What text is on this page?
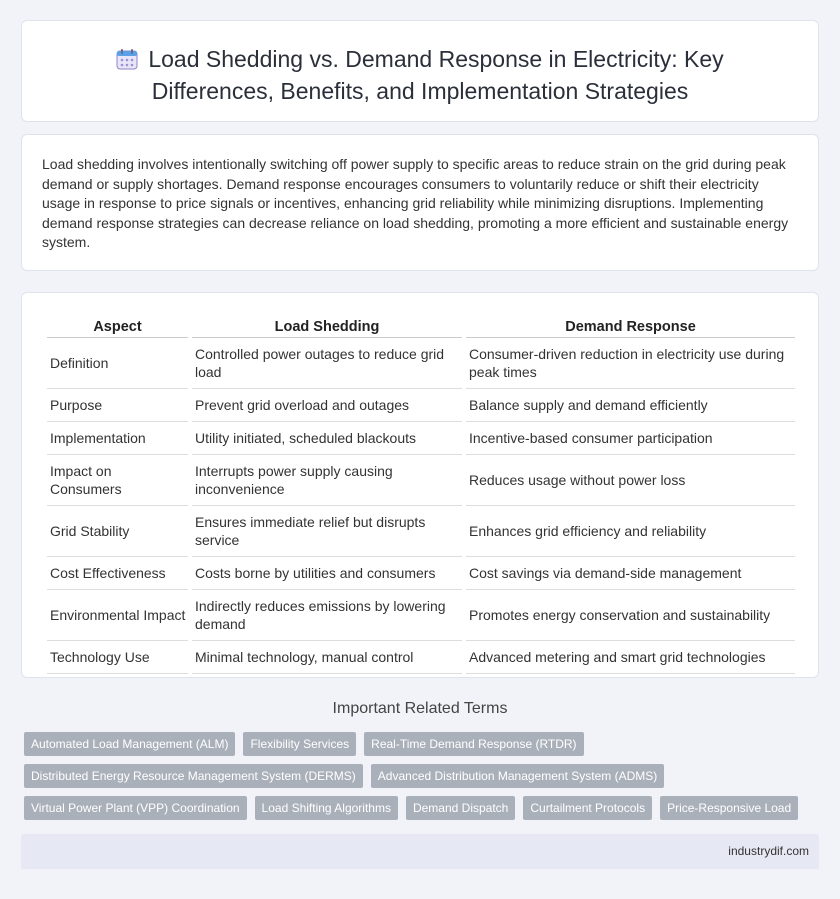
Load Shedding vs. Demand Response in Electricity: Key Differences, Benefits, and Implementation Strategies

Load shedding involves intentionally switching off power supply to specific areas to reduce strain on the grid during peak demand or supply shortages. Demand response encourages consumers to voluntarily reduce or shift their electricity usage in response to price signals or incentives, enhancing grid reliability while minimizing disruptions. Implementing demand response strategies can decrease reliance on load shedding, promoting a more efficient and sustainable energy system.

Aspect	Load Shedding	Demand Response
Definition	Controlled power outages to reduce grid load	Consumer-driven reduction in electricity use during peak times
Purpose	Prevent grid overload and outages	Balance supply and demand efficiently
Implementation	Utility initiated, scheduled blackouts	Incentive-based consumer participation
Impact on Consumers	Interrupts power supply causing inconvenience	Reduces usage without power loss
Grid Stability	Ensures immediate relief but disrupts service	Enhances grid efficiency and reliability
Cost Effectiveness	Costs borne by utilities and consumers	Cost savings via demand-side management
Environmental Impact	Indirectly reduces emissions by lowering demand	Promotes energy conservation and sustainability
Technology Use	Minimal technology, manual control	Advanced metering and smart grid technologies
Important Related Terms
Automated Load Management (ALM)	Flexibility Services	Real-Time Demand Response (RTDR)
Distributed Energy Resource Management System (DERMS)	Advanced Distribution Management System (ADMS)
Virtual Power Plant (VPP) Coordination	Load Shifting Algorithms	Demand Dispatch	Curtailment Protocols	Price-Responsive Load
industrydif.com
